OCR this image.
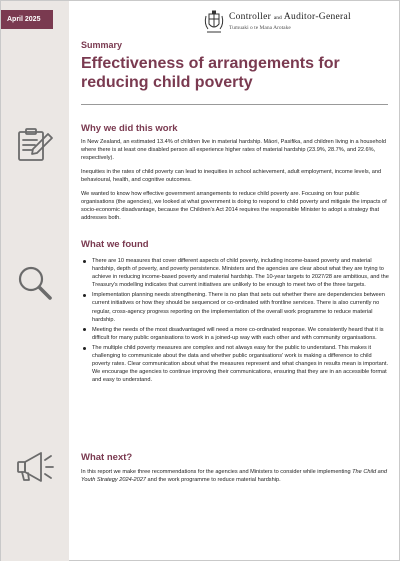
April 2025	Controller and Auditor-General
Tumuaki o te Mana Arotake
Summary
Effectiveness of arrangements for reducing child poverty
Why we did this work
In New Zealand, an estimated 13.4% of children live in material hardship. Māori, Pasifika, and children living in a household where there is at least one disabled person all experience higher rates of material hardship (23.9%, 28.7%, and 22.6%, respectively).
Inequities in the rates of child poverty can lead to inequities in school achievement, adult employment, income levels, and behavioural, health, and cognitive outcomes.
We wanted to know how effective government arrangements to reduce child poverty are. Focusing on four public organisations (the agencies), we looked at what government is doing to respond to child poverty and mitigate the impacts of socio-economic disadvantage, because the Children's Act 2014 requires the responsible Minister to adopt a strategy that addresses both.
What we found
There are 10 measures that cover different aspects of child poverty, including income-based poverty and material hardship, depth of poverty, and poverty persistence. Ministers and the agencies are clear about what they are trying to achieve in reducing income-based poverty and material hardship. The 10-year targets to 2027/28 are ambitious, and the Treasury's modelling indicates that current initiatives are unlikely to be enough to meet two of the three targets.
Implementation planning needs strengthening. There is no plan that sets out whether there are dependencies between current initiatives or how they should be sequenced or co-ordinated with frontline services. There is also currently no regular, cross-agency progress reporting on the implementation of the overall work programme to reduce material hardship.
Meeting the needs of the most disadvantaged will need a more co-ordinated response. We consistently heard that it is difficult for many public organisations to work in a joined-up way with each other and with community organisations.
The multiple child poverty measures are complex and not always easy for the public to understand. This makes it challenging to communicate about the data and whether public organisations' work is making a difference to child poverty rates. Clear communication about what the measures represent and what changes in results mean is important. We encourage the agencies to continue improving their communications, ensuring that they are in an accessible format and easy to understand.
What next?
In this report we make three recommendations for the agencies and Ministers to consider while implementing The Child and Youth Strategy 2024-2027 and the work programme to reduce material hardship.
